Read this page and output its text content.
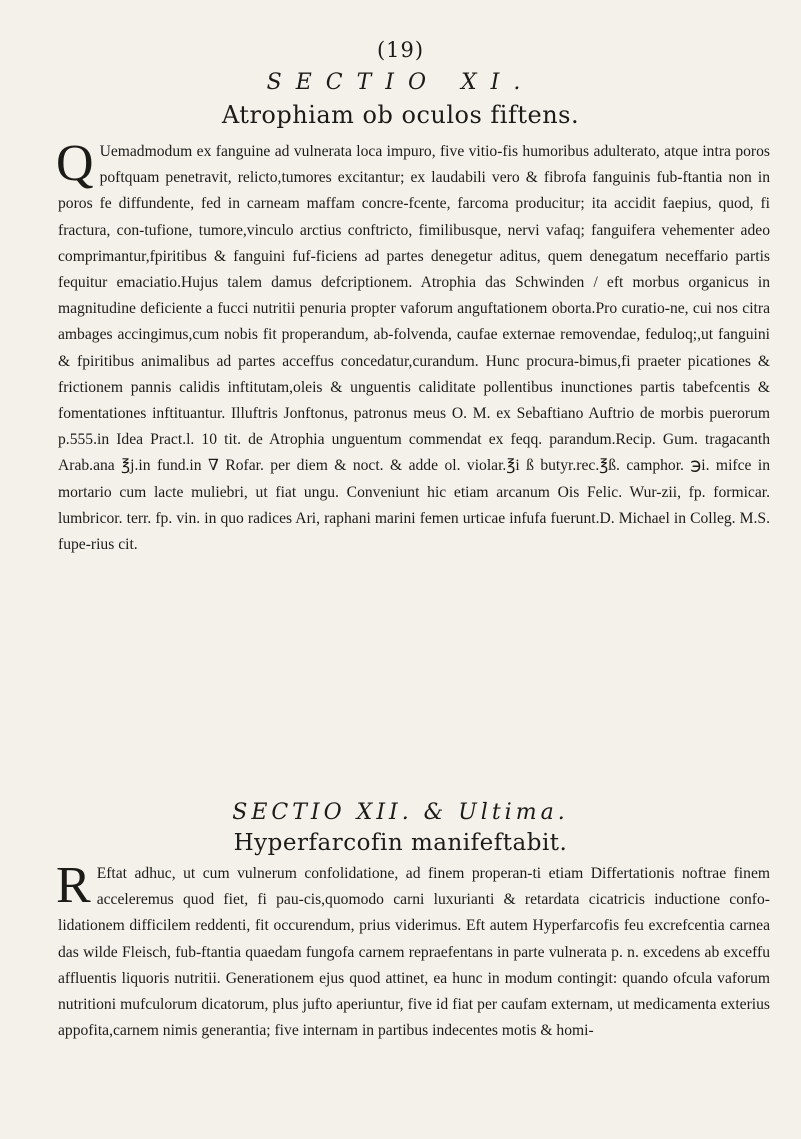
(19)
SECTIO XI.
Atrophiam ob oculos fiftens.
Q Uemadmodum ex fanguine ad vulnerata loca impuro, five vitio-fis humoribus adulterato, atque intra poros poftquam penetravit, relicto,tumores excitantur; ex laudabili vero & fibrofa fanguinis fub-ftantia non in poros fe diffundente, fed in carneam maffam concre-fcente, farcoma producitur; ita accidit faepius, quod, fi fractura, con-tufione, tumore,vinculo arctius conftricto, fimilibusque, nervi vafaq; fanguifera vehementer adeo comprimantur,fpiritibus & fanguini fuf-ficiens ad partes denegetur aditus, quem denegatum neceffario partis fequitur emaciatio.Hujus talem damus defcriptionem. Atrophia das Schwinden / eft morbus organicus in magnitudine deficiente a fucci nutritii penuria propter vaforum anguftationem oborta.Pro curatio-ne, cui nos citra ambages accingimus,cum nobis fit properandum, ab-folvenda, caufae externae removendae, feduloq;,ut fanguini & fpiritibus animalibus ad partes acceffus concedatur,curandum. Hunc procura-bimus,fi praeter picationes & frictionem pannis calidis inftitutam,oleis & unguentis caliditate pollentibus inunctiones partis tabefcentis & fomentationes inftituantur. Illuftris Jonftonus, patronus meus O. M. ex Sebaftiano Auftrio de morbis puerorum p.555.in Idea Pract.l. 10 tit. de Atrophia unguentum commendat ex feqq. parandum.Recip. Gum. tragacanth Arab.ana ℥j.in fund.in ∇ Rofar. per diem & noct. & adde ol. violar.℥i ß butyr.rec.℥ß. camphor. ℈i. mifce in mortario cum lacte muliebri, ut fiat ungu. Conveniunt hic etiam arcanum Ois Felic. Wur-zii, fp. formicar. lumbricor. terr. fp. vin. in quo radices Ari, raphani marini femen urticae infufa fuerunt.D. Michael in Colleg. M.S. fupe-rius cit.
SECTIO XII. & Ultima.
Hyperfarcofin manifeftabit.
R Eftat adhuc, ut cum vulnerum confolidatione, ad finem properan-ti etiam Differtationis noftrae finem acceleremus quod fiet, fi pau-cis,quomodo carni luxurianti & retardata cicatricis inductione confo-lidationem difficilem reddenti, fit occurendum, prius viderimus. Eft autem Hyperfarcofis feu excrefcentia carnea das wilde Fleisch, fub-ftantia quaedam fungofa carnem repraefentans in parte vulnerata p. n. excedens ab exceffu affluentis liquoris nutritii. Generationem ejus quod attinet, ea hunc in modum contingit: quando ofcula vaforum nutritioni mufculorum dicatorum, plus jufto aperiuntur, five id fiat per caufam externam, ut medicamenta exterius appofita,carnem nimis generantia; five internam in partibus indecentes motis & homi-
